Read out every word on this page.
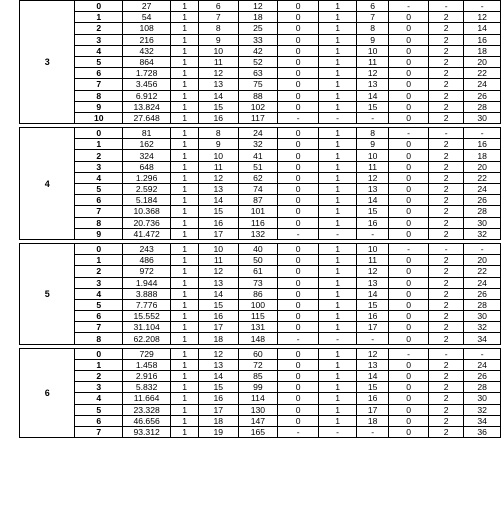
3	0	27	1	6	12	0	1	6	-	-	-
	1	54	1	7	18	0	1	7	0	2	12
	2	108	1	8	25	0	1	8	0	2	14
	3	216	1	9	33	0	1	9	0	2	16
	4	432	1	10	42	0	1	10	0	2	18
	5	864	1	11	52	0	1	11	0	2	20
	6	1.728	1	12	63	0	1	12	0	2	22
	7	3.456	1	13	75	0	1	13	0	2	24
	8	6.912	1	14	88	0	1	14	0	2	26
	9	13.824	1	15	102	0	1	15	0	2	28
	10	27.648	1	16	117	-	-	-	0	2	30

4	0	81	1	8	24	0	1	8	-	-	-
	1	162	1	9	32	0	1	9	0	2	16
	2	324	1	10	41	0	1	10	0	2	18
	3	648	1	11	51	0	1	11	0	2	20
	4	1.296	1	12	62	0	1	12	0	2	22
	5	2.592	1	13	74	0	1	13	0	2	24
	6	5.184	1	14	87	0	1	14	0	2	26
	7	10.368	1	15	101	0	1	15	0	2	28
	8	20.736	1	16	116	0	1	16	0	2	30
	9	41.472	1	17	132	-	-	-	0	2	32

5	0	243	1	10	40	0	1	10	-	-	-
	1	486	1	11	50	0	1	11	0	2	20
	2	972	1	12	61	0	1	12	0	2	22
	3	1.944	1	13	73	0	1	13	0	2	24
	4	3.888	1	14	86	0	1	14	0	2	26
	5	7.776	1	15	100	0	1	15	0	2	28
	6	15.552	1	16	115	0	1	16	0	2	30
	7	31.104	1	17	131	0	1	17	0	2	32
	8	62.208	1	18	148	-	-	-	0	2	34

6	0	729	1	12	60	0	1	12	-	-	-
	1	1.458	1	13	72	0	1	13	0	2	24
	2	2.916	1	14	85	0	1	14	0	2	26
	3	5.832	1	15	99	0	1	15	0	2	28
	4	11.664	1	16	114	0	1	16	0	2	30
	5	23.328	1	17	130	0	1	17	0	2	32
	6	46.656	1	18	147	0	1	18	0	2	34
	7	93.312	1	19	165	-	-	-	0	2	36
